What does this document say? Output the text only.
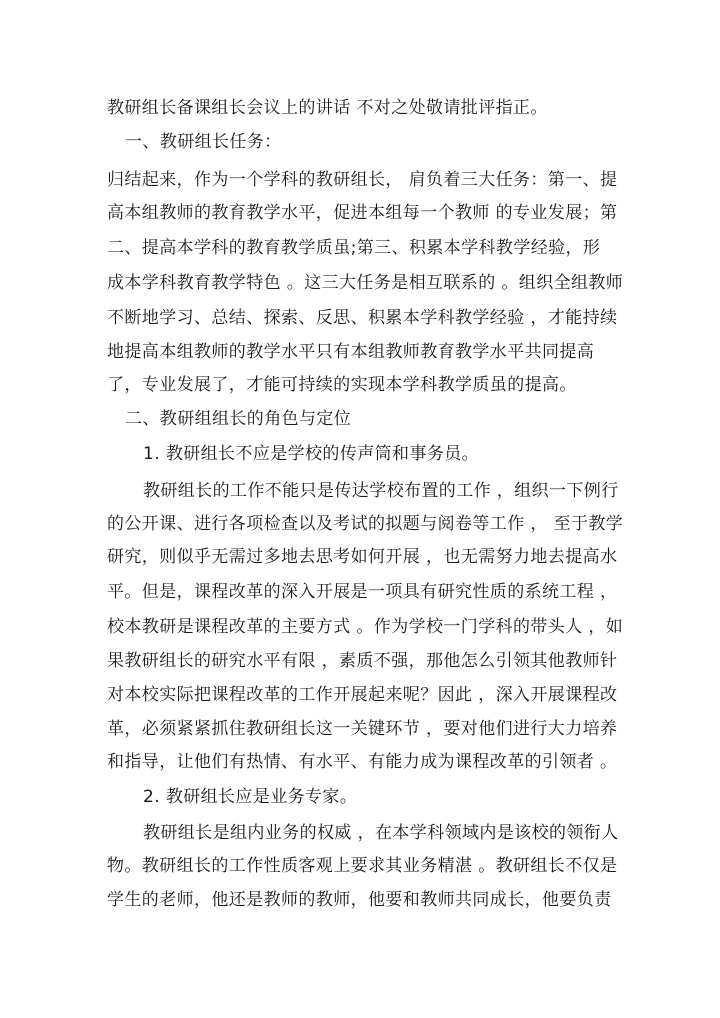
教研组长备课组长会议上的讲话 不对之处敬请批评指正。
一、教研组长任务：
归结起来，作为一个学科的教研组长， 肩负着三大任务：第一、提
高本组教师的教育教学水平，促进本组每一个教师 的专业发展；第
二、提高本学科的教育教学质虽;第三、积累本学科教学经验，形
成本学科教育教学特色 。这三大任务是相互联系的 。组织全组教师
不断地学习、总结、探索、反思、积累本学科教学经验 ，才能持续
地提高本组教师的教学水平只有本组教师教育教学水平共同提高
了，专业发展了，才能可持续的实现本学科教学质虽的提高。
二、教研组组长的角色与定位
1. 教研组长不应是学校的传声筒和事务员。
教研组长的工作不能只是传达学校布置的工作 ，组织一下例行
的公开课、进行各项检查以及考试的拟题与阅卷等工作 ， 至于教学
研究，则似乎无需过多地去思考如何开展 ，也无需努力地去提高水
平。但是，课程改革的深入开展是一项具有研究性质的系统工程 ，
校本教研是课程改革的主要方式 。作为学校一门学科的带头人 ，如
果教研组长的研究水平有限 ，素质不强，那他怎么引领其他教师针
对本校实际把课程改革的工作开展起来呢？因此 ，深入开展课程改
革，必须紧紧抓住教研组长这一关键环节 ，要对他们进行大力培养
和指导，让他们有热情、有水平、有能力成为课程改革的引领者 。
2. 教研组长应是业务专家。
教研组长是组内业务的权威 ，在本学科领域内是该校的领衔人
物。教研组长的工作性质客观上要求其业务精湛 。教研组长不仅是
学生的老师，他还是教师的教师，他要和教师共同成长，他要负责
